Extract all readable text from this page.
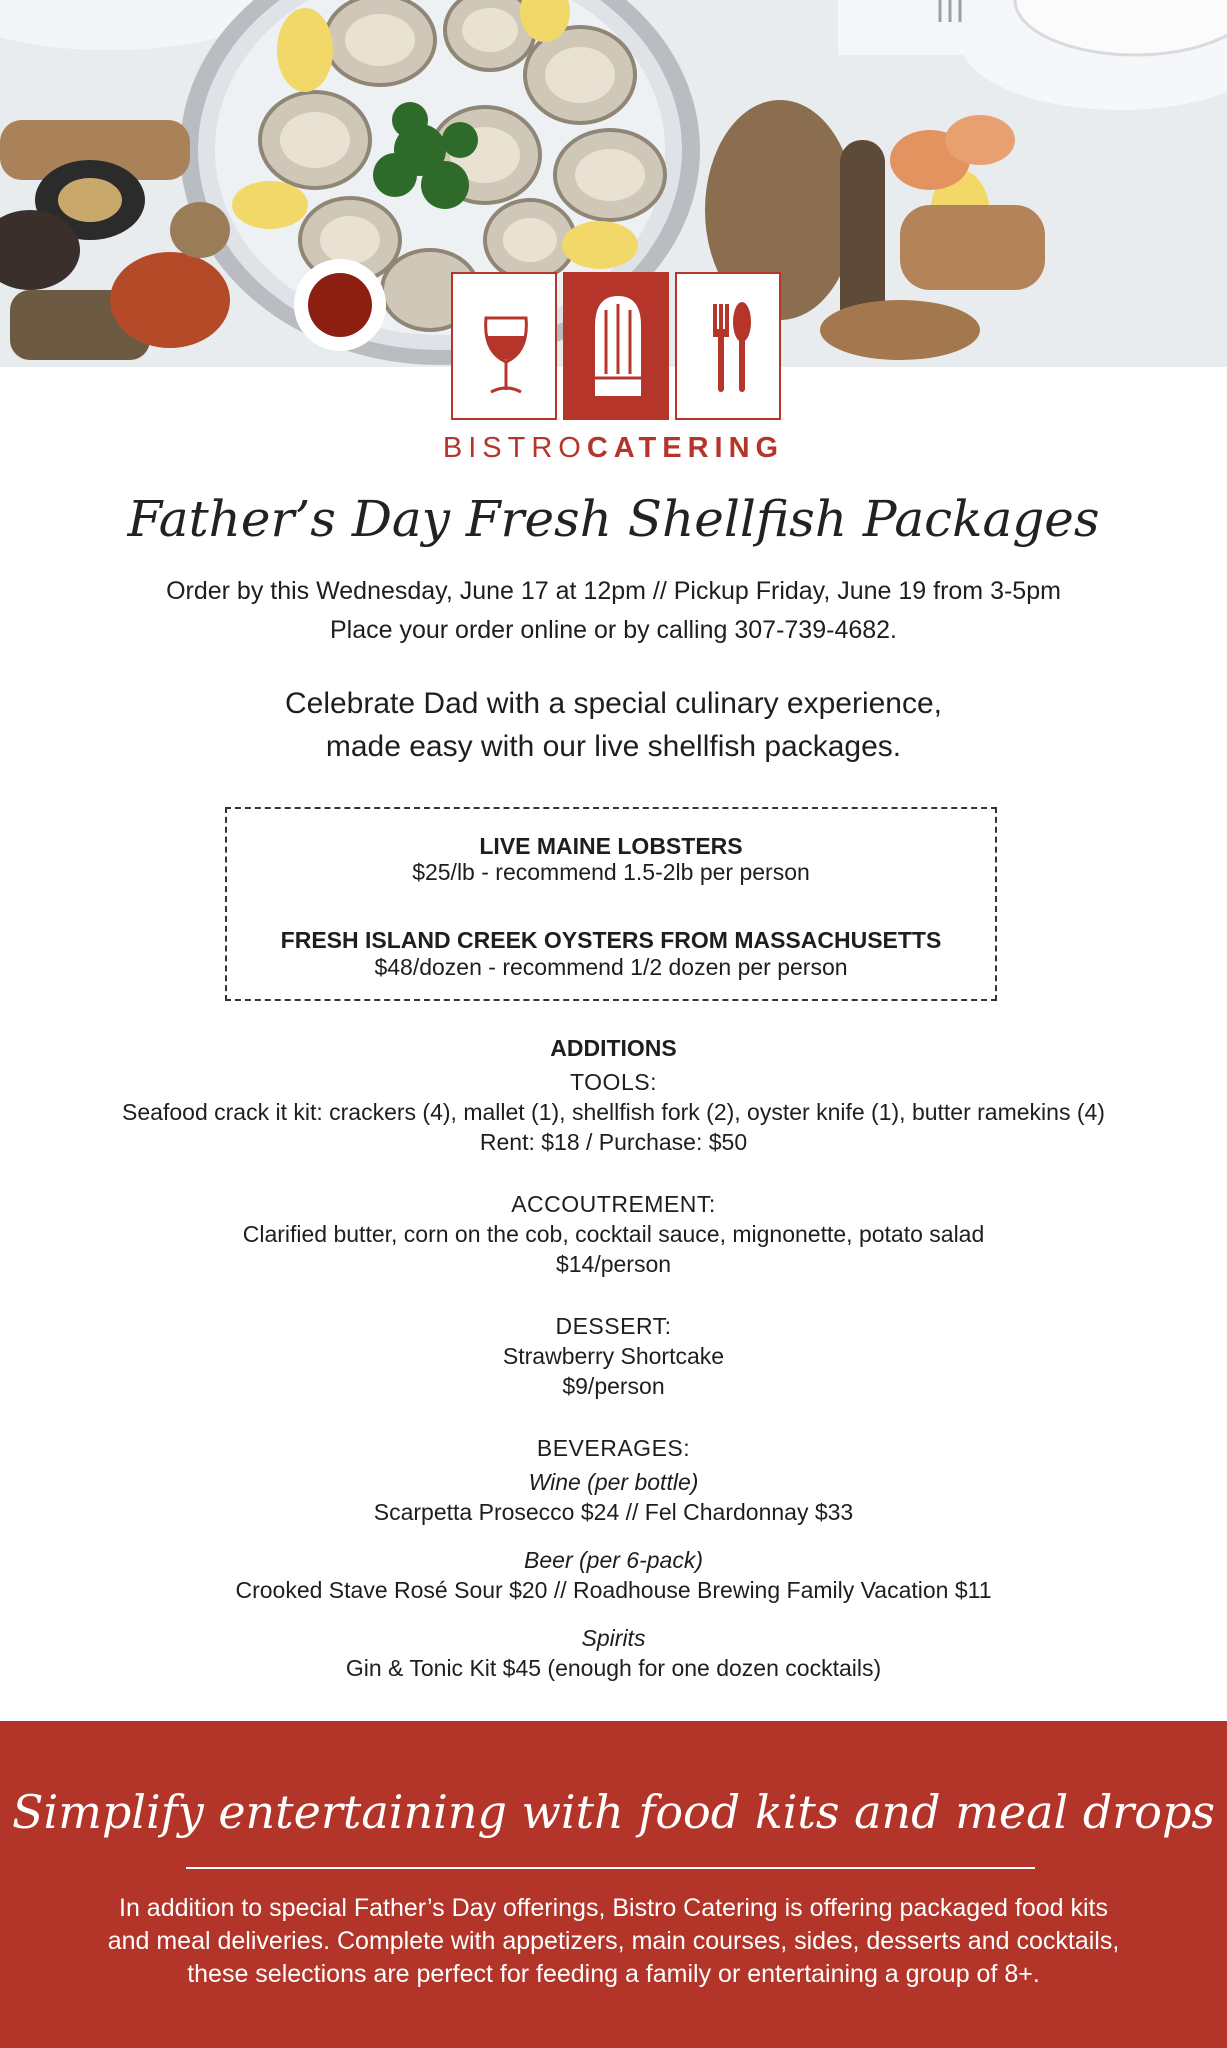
BISTROCATERING
Father’s Day Fresh Shellfish Packages
Order by this Wednesday, June 17 at 12pm // Pickup Friday, June 19 from 3-5pm
Place your order online or by calling 307-739-4682.
Celebrate Dad with a special culinary experience,
made easy with our live shellfish packages.
LIVE MAINE LOBSTERS
$25/lb - recommend 1.5-2lb per person
FRESH ISLAND CREEK OYSTERS FROM MASSACHUSETTS
$48/dozen - recommend 1/2 dozen per person
ADDITIONS
TOOLS:
Seafood crack it kit: crackers (4), mallet (1), shellfish fork (2), oyster knife (1), butter ramekins (4)
Rent: $18 / Purchase: $50
ACCOUTREMENT:
Clarified butter, corn on the cob, cocktail sauce, mignonette, potato salad
$14/person
DESSERT:
Strawberry Shortcake
$9/person
BEVERAGES:
Wine (per bottle)
Scarpetta Prosecco $24 // Fel Chardonnay $33
Beer (per 6-pack)
Crooked Stave Rosé Sour $20 // Roadhouse Brewing Family Vacation $11
Spirits
Gin & Tonic Kit $45 (enough for one dozen cocktails)
Simplify entertaining with food kits and meal drops
In addition to special Father’s Day offerings, Bistro Catering is offering packaged food kits
and meal deliveries. Complete with appetizers, main courses, sides, desserts and cocktails,
these selections are perfect for feeding a family or entertaining a group of 8+.
